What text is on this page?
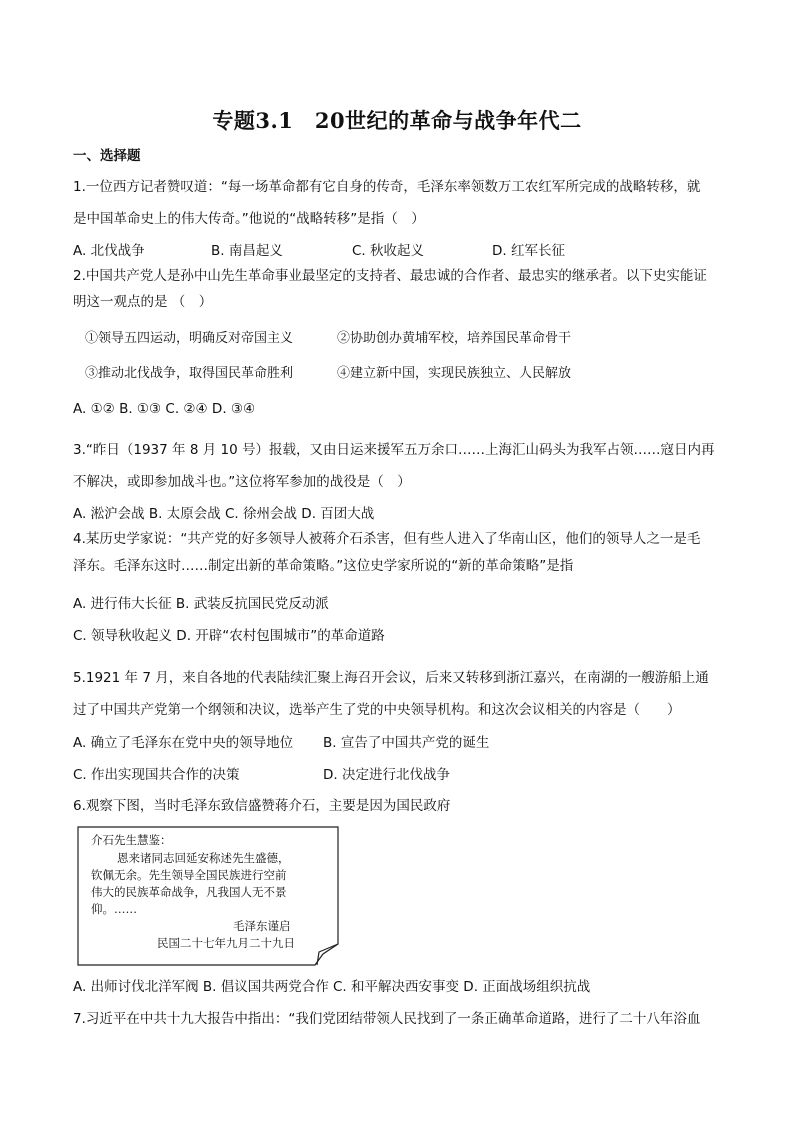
专题3.1　20世纪的革命与战争年代二
一、选择题
1.一位西方记者赞叹道：“每一场革命都有它自身的传奇，毛泽东率领数万工农红军所完成的战略转移，就
是中国革命史上的伟大传奇。”他说的“战略转移”是指（　）
A. 北伐战争	B. 南昌起义	C. 秋收起义	D. 红军长征
2.中国共产党人是孙中山先生革命事业最坚定的支持者、最忠诚的合作者、最忠实的继承者。以下史实能证
明这一观点的是 （　）
①领导五四运动，明确反对帝国主义	②协助创办黄埔军校，培养国民革命骨干
③推动北伐战争，取得国民革命胜利	④建立新中国，实现民族独立、人民解放
A. ①② B. ①③ C. ②④ D. ③④
3.“昨日（1937 年 8 月 10 号）报载，又由日运来援军五万余口……上海汇山码头为我军占领……寇日内再
不解决，或即参加战斗也。”这位将军参加的战役是（　）
A. 淞沪会战 B. 太原会战 C. 徐州会战 D. 百团大战
4.某历史学家说：“共产党的好多领导人被蒋介石杀害，但有些人进入了华南山区，他们的领导人之一是毛
泽东。毛泽东这时……制定出新的革命策略。”这位史学家所说的“新的革命策略”是指
A. 进行伟大长征 B. 武装反抗国民党反动派
C. 领导秋收起义 D. 开辟“农村包围城市”的革命道路
5.1921 年 7 月，来自各地的代表陆续汇聚上海召开会议，后来又转移到浙江嘉兴，在南湖的一艘游船上通
过了中国共产党第一个纲领和决议，选举产生了党的中央领导机构。和这次会议相关的内容是（　　）
A. 确立了毛泽东在党中央的领导地位 B. 宣告了中国共产党的诞生
C. 作出实现国共合作的决策	D. 决定进行北伐战争
6.观察下图，当时毛泽东致信盛赞蒋介石，主要是因为国民政府
介石先生慧鉴：
恩来诸同志回延安称述先生盛德，
钦佩无余。先生领导全国民族进行空前
伟大的民族革命战争，凡我国人无不景
仰。……
毛泽东谨启
民国二十七年九月二十九日
A. 出师讨伐北洋军阀 B. 倡议国共两党合作 C. 和平解决西安事变 D. 正面战场组织抗战
7.习近平在中共十九大报告中指出：“我们党团结带领人民找到了一条正确革命道路，进行了二十八年浴血
